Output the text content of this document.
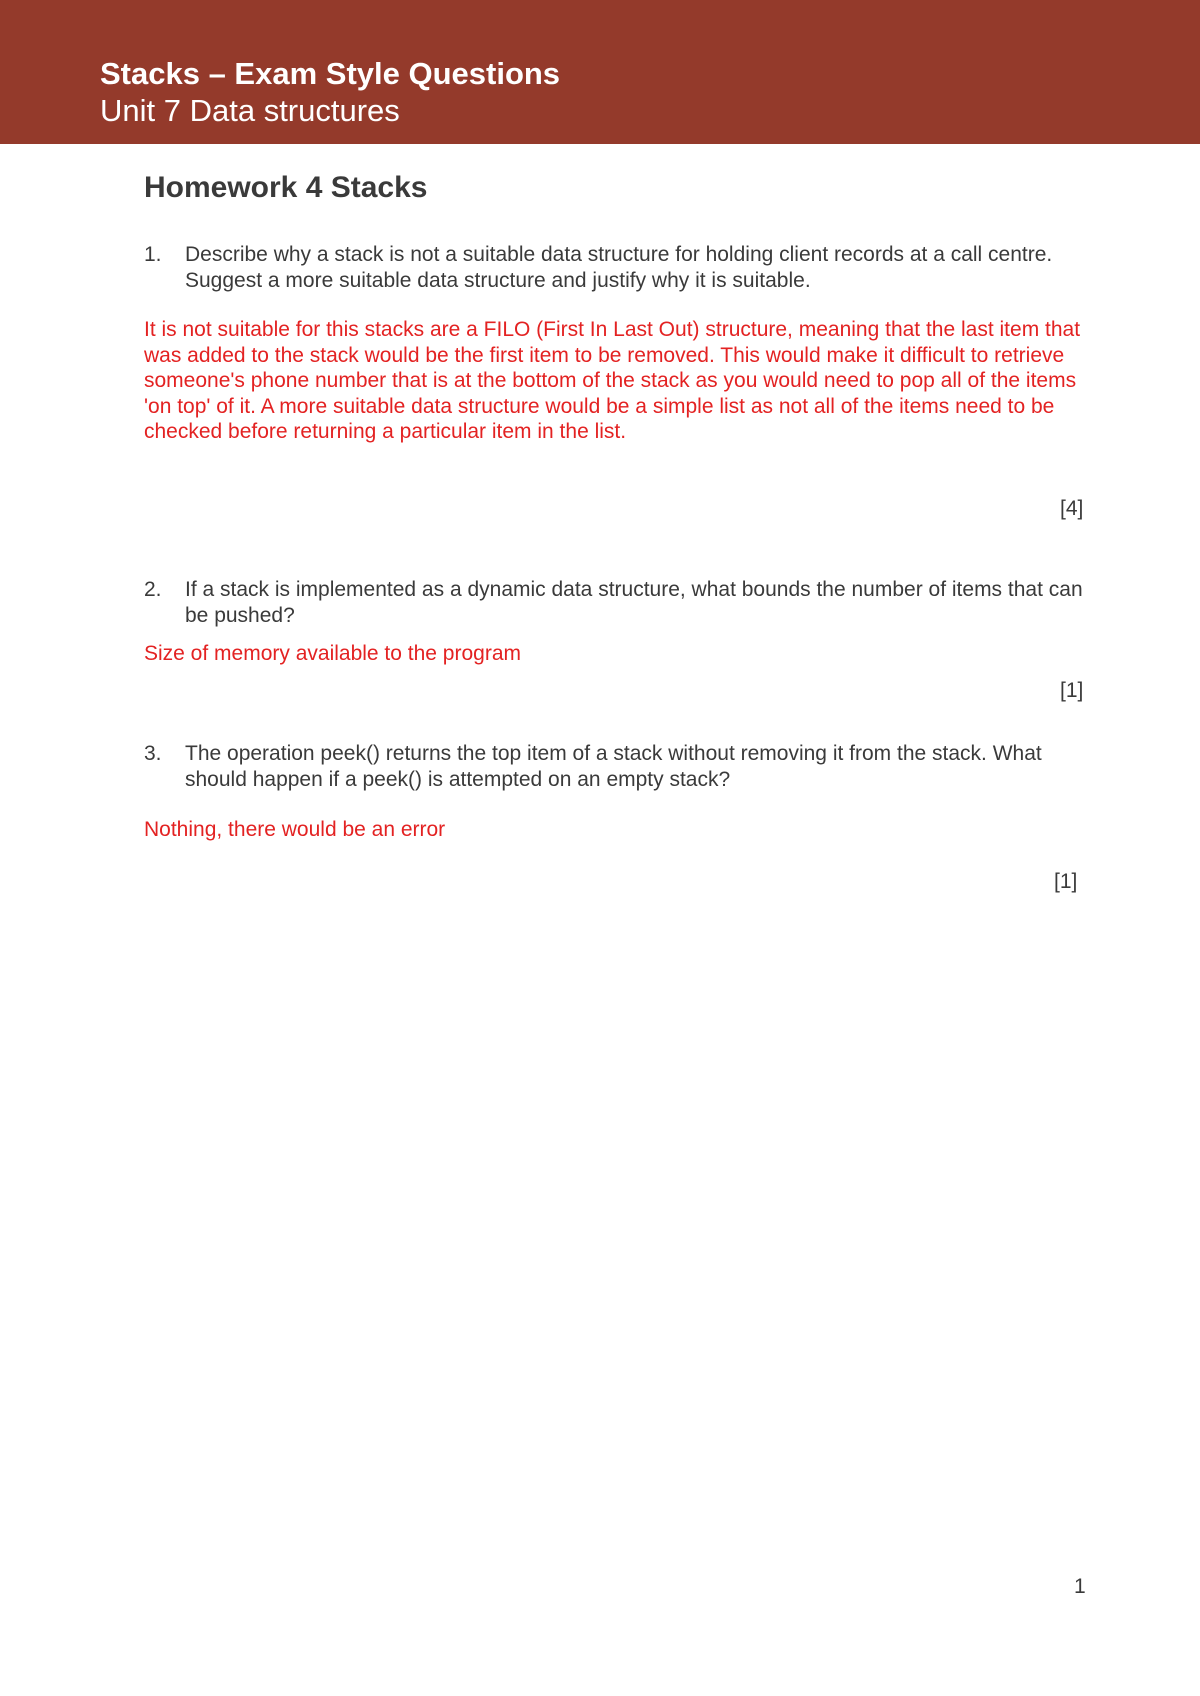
Stacks – Exam Style Questions
Unit 7 Data structures
Homework 4 Stacks
1. Describe why a stack is not a suitable data structure for holding client records at a call centre. Suggest a more suitable data structure and justify why it is suitable.
It is not suitable for this stacks are a FILO (First In Last Out) structure, meaning that the last item that was added to the stack would be the first item to be removed. This would make it difficult to retrieve someone's phone number that is at the bottom of the stack as you would need to pop all of the items 'on top' of it. A more suitable data structure would be a simple list as not all of the items need to be checked before returning a particular item in the list.
[4]
2. If a stack is implemented as a dynamic data structure, what bounds the number of items that can be pushed?
Size of memory available to the program
[1]
3. The operation peek() returns the top item of a stack without removing it from the stack. What should happen if a peek() is attempted on an empty stack?
Nothing, there would be an error
[1]
1
